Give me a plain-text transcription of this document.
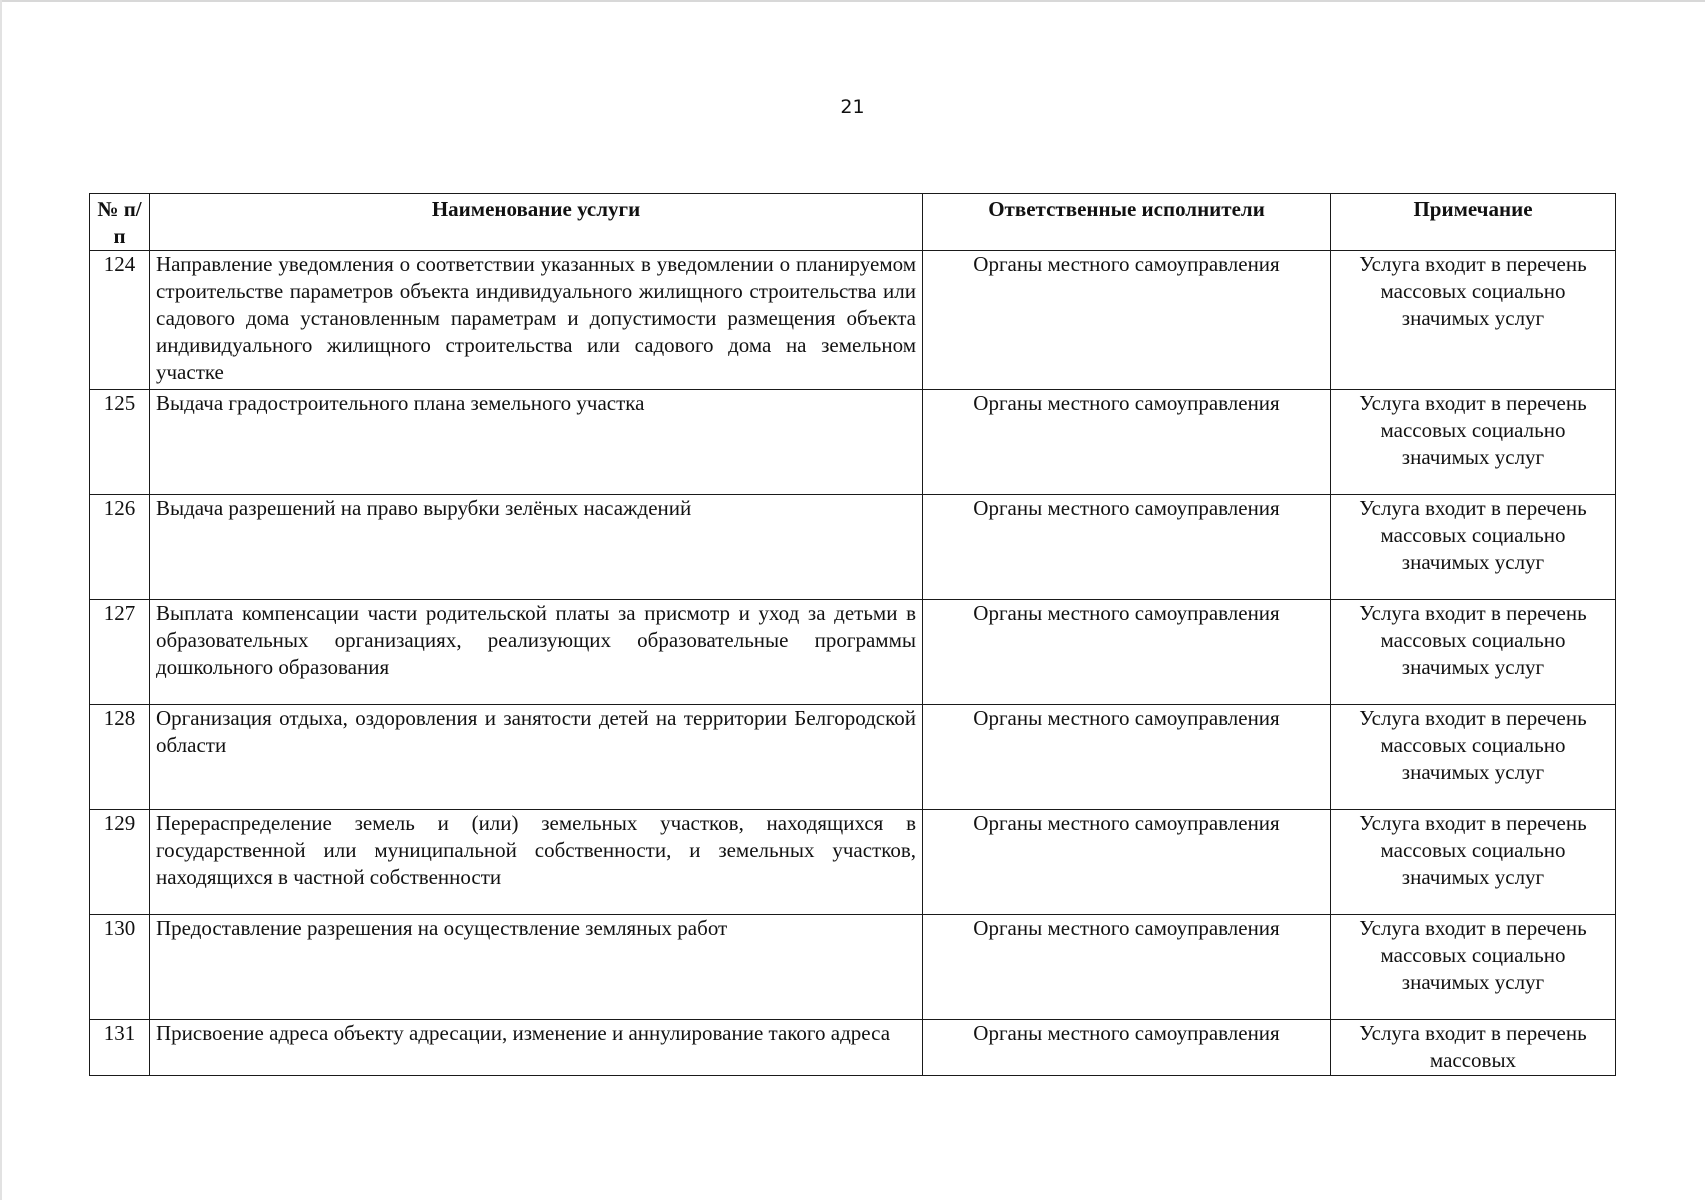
21
№ п/п	Наименование услуги	Ответственные исполнители	Примечание
124	Направление уведомления о соответствии указанных в уведомлении о планируемом строительстве параметров объекта индивидуального жилищного строительства или садового дома установленным параметрам и допустимости размещения объекта индивидуального жилищного строительства или садового дома на земельном участке	Органы местного самоуправления	Услуга входит в перечень массовых социально значимых услуг
125	Выдача градостроительного плана земельного участка	Органы местного самоуправления	Услуга входит в перечень массовых социально значимых услуг
126	Выдача разрешений на право вырубки зелёных насаждений	Органы местного самоуправления	Услуга входит в перечень массовых социально значимых услуг
127	Выплата компенсации части родительской платы за присмотр и уход за детьми в образовательных организациях, реализующих образовательные программы дошкольного образования	Органы местного самоуправления	Услуга входит в перечень массовых социально значимых услуг
128	Организация отдыха, оздоровления и занятости детей на территории Белгородской области	Органы местного самоуправления	Услуга входит в перечень массовых социально значимых услуг
129	Перераспределение земель и (или) земельных участков, находящихся в государственной или муниципальной собственности, и земельных участков, находящихся в частной собственности	Органы местного самоуправления	Услуга входит в перечень массовых социально значимых услуг
130	Предоставление разрешения на осуществление земляных работ	Органы местного самоуправления	Услуга входит в перечень массовых социально значимых услуг
131	Присвоение адреса объекту адресации, изменение и аннулирование такого адреса	Органы местного самоуправления	Услуга входит в перечень массовых
